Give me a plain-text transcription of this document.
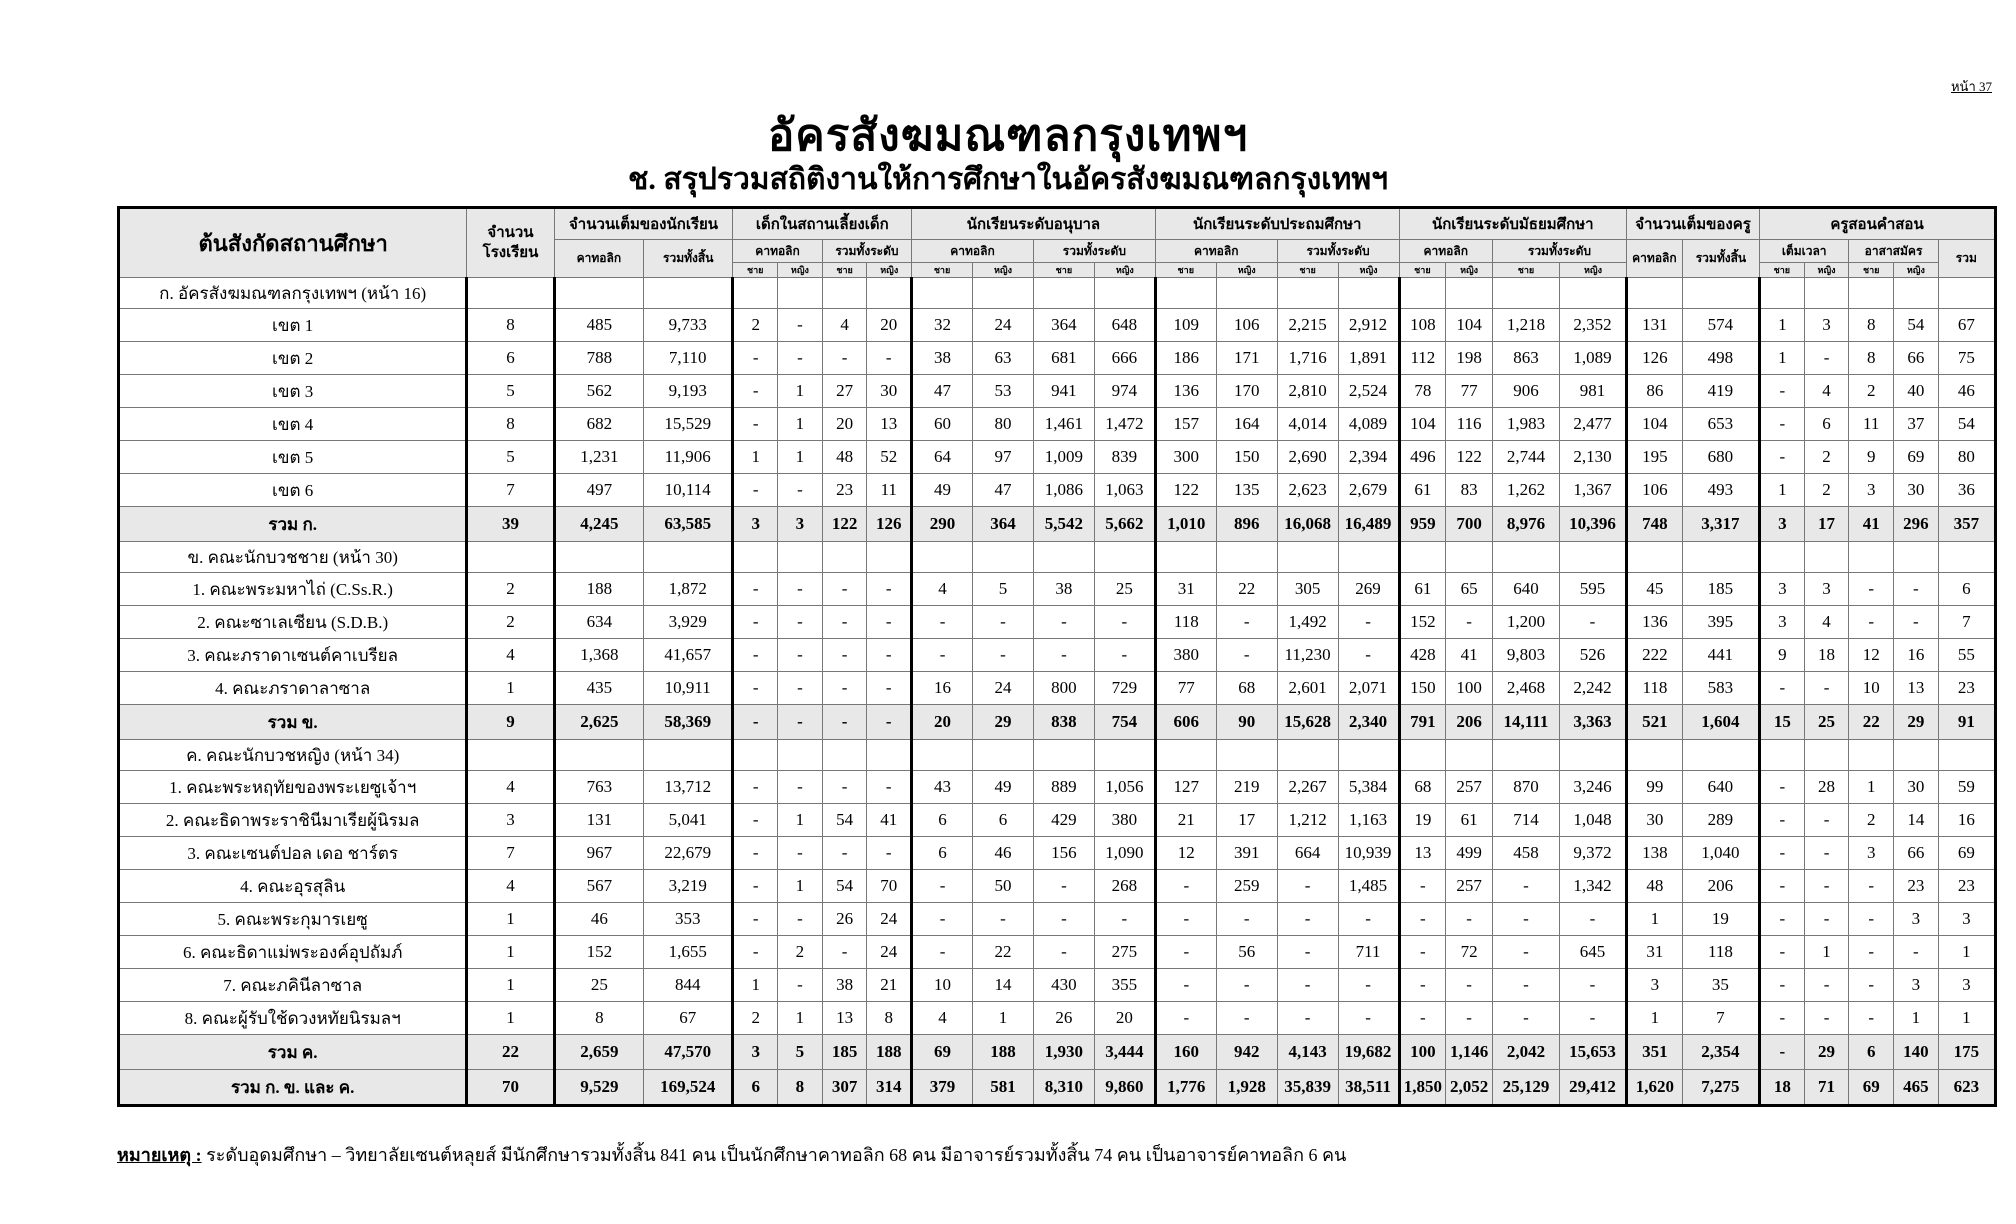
หน้า 37
อัครสังฆมณฑลกรุงเทพฯ
ช. สรุปรวมสถิติงานให้การศึกษาในอัครสังฆมณฑลกรุงเทพฯ
ต้นสังกัดสถานศึกษา	จำนวนโรงเรียน	จำนวนเต็มของนักเรียน		เด็กในสถานเลี้ยงเด็ก				นักเรียนระดับอนุบาล				นักเรียนระดับประถมศึกษา				นักเรียนระดับมัธยมศึกษา				จำนวนเต็มของครู		ครูสอนคำสอน				
		คาทอลิก	รวมทั้งสิ้น	คาทอลิก		รวมทั้งระดับ		คาทอลิก		รวมทั้งระดับ		คาทอลิก		รวมทั้งระดับ		คาทอลิก		รวมทั้งระดับ		คาทอลิก	รวมทั้งสิ้น	เต็มเวลา		อาสาสมัคร		รวม
				ชาย	หญิง	ชาย	หญิง	ชาย	หญิง	ชาย	หญิง	ชาย	หญิง	ชาย	หญิง	ชาย	หญิง	ชาย	หญิง			ชาย	หญิง	ชาย	หญิง	
ก. อัครสังฆมณฑลกรุงเทพฯ (หน้า 16)																										
เขต 1	8	485	9,733	2	-	4	20	32	24	364	648	109	106	2,215	2,912	108	104	1,218	2,352	131	574	1	3	8	54	67
เขต 2	6	788	7,110	-	-	-	-	38	63	681	666	186	171	1,716	1,891	112	198	863	1,089	126	498	1	-	8	66	75
เขต 3	5	562	9,193	-	1	27	30	47	53	941	974	136	170	2,810	2,524	78	77	906	981	86	419	-	4	2	40	46
เขต 4	8	682	15,529	-	1	20	13	60	80	1,461	1,472	157	164	4,014	4,089	104	116	1,983	2,477	104	653	-	6	11	37	54
เขต 5	5	1,231	11,906	1	1	48	52	64	97	1,009	839	300	150	2,690	2,394	496	122	2,744	2,130	195	680	-	2	9	69	80
เขต 6	7	497	10,114	-	-	23	11	49	47	1,086	1,063	122	135	2,623	2,679	61	83	1,262	1,367	106	493	1	2	3	30	36
รวม ก.	39	4,245	63,585	3	3	122	126	290	364	5,542	5,662	1,010	896	16,068	16,489	959	700	8,976	10,396	748	3,317	3	17	41	296	357
ข. คณะนักบวชชาย (หน้า 30)																										
1. คณะพระมหาไถ่ (C.Ss.R.)	2	188	1,872	-	-	-	-	4	5	38	25	31	22	305	269	61	65	640	595	45	185	3	3	-	-	6
2. คณะซาเลเซียน (S.D.B.)	2	634	3,929	-	-	-	-	-	-	-	-	118	-	1,492	-	152	-	1,200	-	136	395	3	4	-	-	7
3. คณะภราดาเซนต์คาเบรียล	4	1,368	41,657	-	-	-	-	-	-	-	-	380	-	11,230	-	428	41	9,803	526	222	441	9	18	12	16	55
4. คณะภราดาลาซาล	1	435	10,911	-	-	-	-	16	24	800	729	77	68	2,601	2,071	150	100	2,468	2,242	118	583	-	-	10	13	23
รวม ข.	9	2,625	58,369	-	-	-	-	20	29	838	754	606	90	15,628	2,340	791	206	14,111	3,363	521	1,604	15	25	22	29	91
ค. คณะนักบวชหญิง (หน้า 34)																										
1. คณะพระหฤทัยของพระเยซูเจ้าฯ	4	763	13,712	-	-	-	-	43	49	889	1,056	127	219	2,267	5,384	68	257	870	3,246	99	640	-	28	1	30	59
2. คณะธิดาพระราชินีมาเรียผู้นิรมล	3	131	5,041	-	1	54	41	6	6	429	380	21	17	1,212	1,163	19	61	714	1,048	30	289	-	-	2	14	16
3. คณะเซนต์ปอล เดอ ชาร์ตร	7	967	22,679	-	-	-	-	6	46	156	1,090	12	391	664	10,939	13	499	458	9,372	138	1,040	-	-	3	66	69
4. คณะอุรสุลิน	4	567	3,219	-	1	54	70	-	50	-	268	-	259	-	1,485	-	257	-	1,342	48	206	-	-	-	23	23
5. คณะพระกุมารเยซู	1	46	353	-	-	26	24	-	-	-	-	-	-	-	-	-	-	-	-	1	19	-	-	-	3	3
6. คณะธิดาแม่พระองค์อุปถัมภ์	1	152	1,655	-	2	-	24	-	22	-	275	-	56	-	711	-	72	-	645	31	118	-	1	-	-	1
7. คณะภคินีลาซาล	1	25	844	1	-	38	21	10	14	430	355	-	-	-	-	-	-	-	-	3	35	-	-	-	3	3
8. คณะผู้รับใช้ดวงหทัยนิรมลฯ	1	8	67	2	1	13	8	4	1	26	20	-	-	-	-	-	-	-	-	1	7	-	-	-	1	1
รวม ค.	22	2,659	47,570	3	5	185	188	69	188	1,930	3,444	160	942	4,143	19,682	100	1,146	2,042	15,653	351	2,354	-	29	6	140	175
รวม ก. ข. และ ค.	70	9,529	169,524	6	8	307	314	379	581	8,310	9,860	1,776	1,928	35,839	38,511	1,850	2,052	25,129	29,412	1,620	7,275	18	71	69	465	623
หมายเหตุ : ระดับอุดมศึกษา – วิทยาลัยเซนต์หลุยส์ มีนักศึกษารวมทั้งสิ้น 841 คน เป็นนักศึกษาคาทอลิก 68 คน มีอาจารย์รวมทั้งสิ้น 74 คน เป็นอาจารย์คาทอลิก 6 คน
